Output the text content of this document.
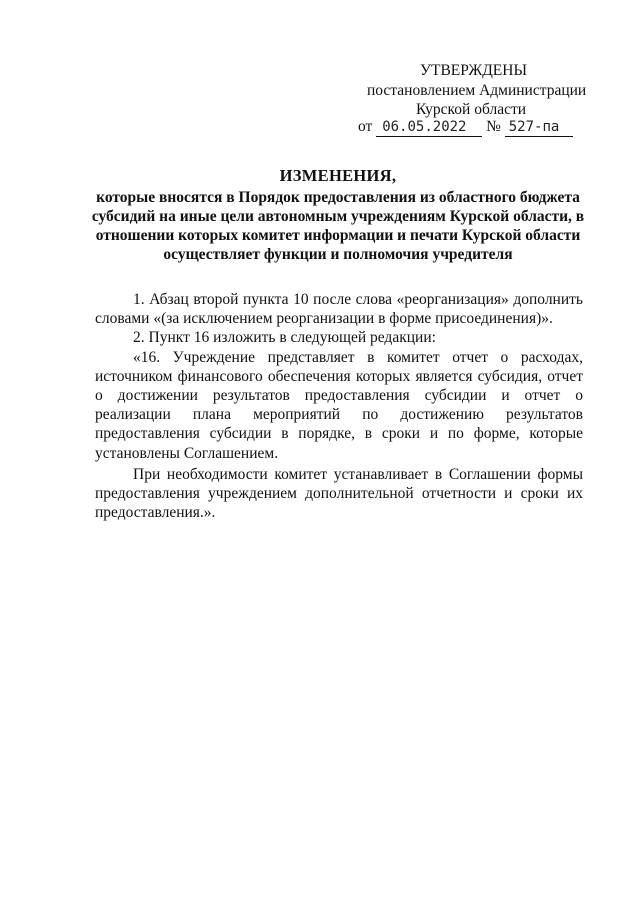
УТВЕРЖДЕНЫ
постановлением Администрации
Курской области
от 06.05.2022 № 527-па
ИЗМЕНЕНИЯ,
которые вносятся в Порядок предоставления из областного бюджета
субсидий на иные цели автономным учреждениям Курской области, в
отношении которых комитет информации и печати Курской области
осуществляет функции и полномочия учредителя

1. Абзац второй пункта 10 после слова «реорганизация» дополнить словами «(за исключением реорганизации в форме присоединения)».

2. Пункт 16 изложить в следующей редакции:

«16. Учреждение представляет в комитет отчет о расходах, источником финансового обеспечения которых является субсидия, отчет о достижении результатов предоставления субсидии и отчет о реализации плана мероприятий по достижению результатов предоставления субсидии в порядке, в сроки и по форме, которые установлены Соглашением.

При необходимости комитет устанавливает в Соглашении формы предоставления учреждением дополнительной отчетности и сроки их предоставления.».
